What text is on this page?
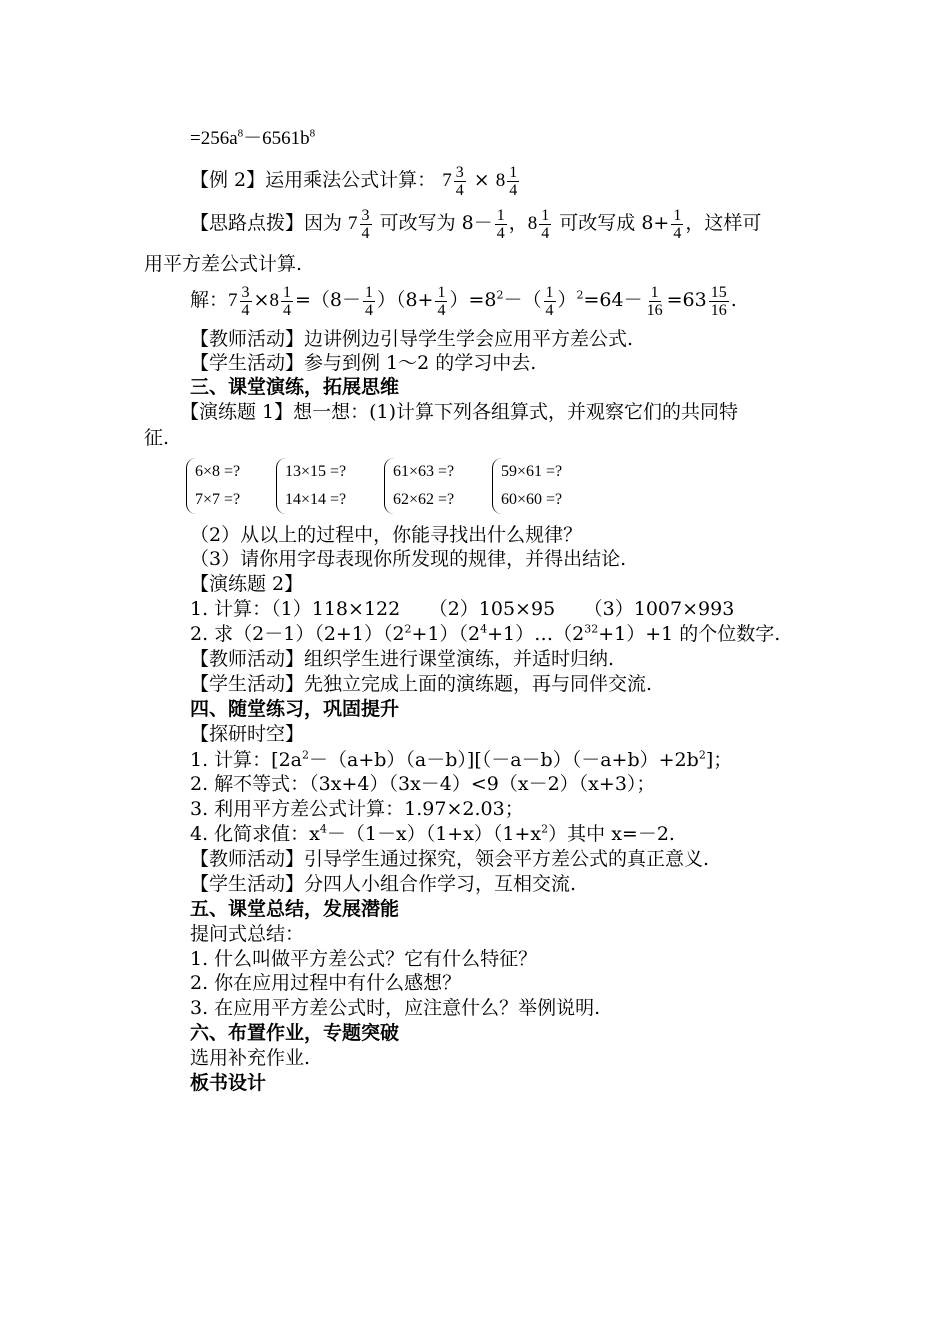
$=256a^8-6561b^8$
【例 2】运用乘法公式计算： $7 \frac{3}{4} \times 8 \frac{1}{4}$
【思路点拨】因为 $7 \frac{3}{4}$ 可改写为 $8- \frac{1}{4}$ ，$8 \frac{1}{4}$ 可改写成 $8+ \frac{1}{4}$ ，这样可
用平方差公式计算.
解：$7 \frac{3}{4} \times 8 \frac{1}{4} =(8- \frac{1}{4} )(8+ \frac{1}{4} )=8^2-( \frac{1}{4} )^2=64- \frac{1}{16} =63 \frac{15}{16}$ .
【教师活动】边讲例边引导学生学会应用平方差公式.
【学生活动】参与到例 1～2 的学习中去.
三、课堂演练，拓展思维
【演练题 1】想一想：(1)计算下列各组算式，并观察它们的共同特
征.
6×8 =?
7×7 =?
13×15 =?
14×14 =?
61×63 =?
62×62 =?
59×61 =?
60×60 =?
（2）从以上的过程中，你能寻找出什么规律？
（3）请你用字母表现你所发现的规律，并得出结论.
【演练题 2】
1. 计算：（1）118×122　　（2）105×95　　（3）1007×993
2. 求$(2-1)(2+1)(2^2+1)(2^4+1)\dots(2^{32}+1)+1$ 的个位数字.
【教师活动】组织学生进行课堂演练，并适时归纳.
【学生活动】先独立完成上面的演练题，再与同伴交流.
四、随堂练习，巩固提升
【探研时空】
1. 计算：$[2a^2-(a+b)(a-b)][(-a-b)(-a+b)+2b^2]$；
2. 解不等式：（3x+4）（3x－4）<9（x－2）（x+3）；
3. 利用平方差公式计算：1.97×2.03；
4. 化简求值：$x^4-(1-x)(1+x)(1+x^2)$其中 x=－2.
【教师活动】引导学生通过探究，领会平方差公式的真正意义.
【学生活动】分四人小组合作学习，互相交流.
五、课堂总结，发展潜能
提问式总结：
1. 什么叫做平方差公式？它有什么特征？
2. 你在应用过程中有什么感想？
3. 在应用平方差公式时，应注意什么？举例说明.
六、布置作业，专题突破
选用补充作业.
板书设计
